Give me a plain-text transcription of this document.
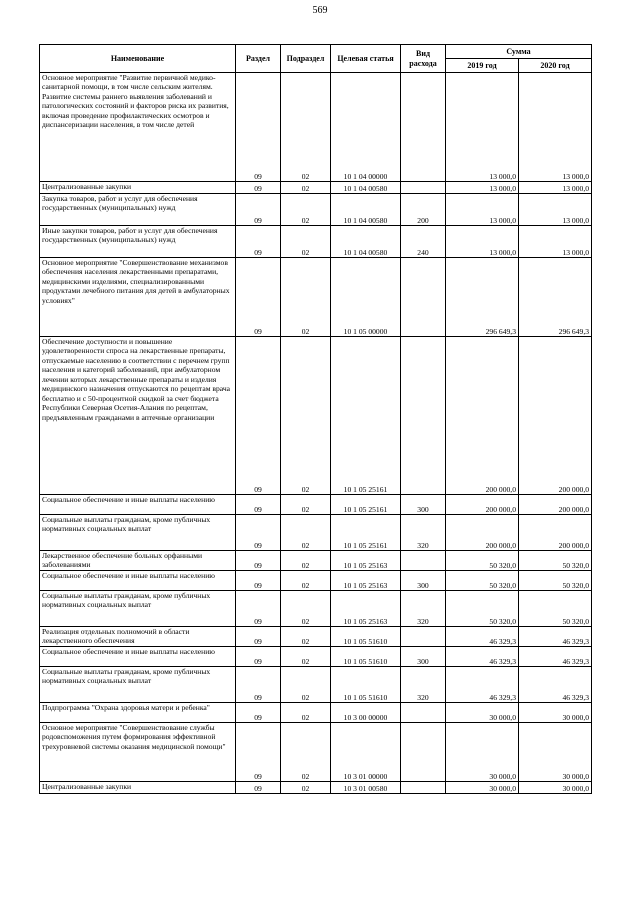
569
Наименование	Раздел	Подраздел	Целевая статья	Вид расхода	Сумма	
					2019 год	2020 год
Основное мероприятие "Развитие первичной медико-санитарной помощи, в том числе сельским жителям. Развитие системы раннего выявления заболеваний и патологических состояний и факторов риска их развития, включая проведение профилактических осмотров и диспансеризации населения, в том числе детей	09	02	10 1 04 00000		13 000,0	13 000,0
Централизованные закупки	09	02	10 1 04 00580		13 000,0	13 000,0
Закупка товаров, работ и услуг для обеспечения государственных (муниципальных) нужд	09	02	10 1 04 00580	200	13 000,0	13 000,0
Иные закупки товаров, работ и услуг для обеспечения государственных (муниципальных) нужд	09	02	10 1 04 00580	240	13 000,0	13 000,0
Основное мероприятие "Совершенствование механизмов обеспечения населения лекарственными препаратами, медицинскими изделиями, специализированными продуктами лечебного питания для детей в амбулаторных условиях"	09	02	10 1 05 00000		296 649,3	296 649,3
Обеспечение доступности и повышение удовлетворенности спроса на лекарственные препараты, отпускаемые населению в соответствии с перечнем групп населения и категорий заболеваний, при амбулаторном лечении которых лекарственные препараты и изделия медицинского назначения отпускаются по рецептам врача бесплатно и с 50-процентной скидкой за счет бюджета Республики Северная Осетия-Алания по рецептам, предъявленным гражданами в аптечные организации	09	02	10 1 05 25161		200 000,0	200 000,0
Социальное обеспечение и иные выплаты населению	09	02	10 1 05 25161	300	200 000,0	200 000,0
Социальные выплаты гражданам, кроме публичных нормативных социальных выплат	09	02	10 1 05 25161	320	200 000,0	200 000,0
Лекарственное обеспечение больных орфанными заболеваниями	09	02	10 1 05 25163		50 320,0	50 320,0
Социальное обеспечение и иные выплаты населению	09	02	10 1 05 25163	300	50 320,0	50 320,0
Социальные выплаты гражданам, кроме публичных нормативных социальных выплат	09	02	10 1 05 25163	320	50 320,0	50 320,0
Реализация отдельных полномочий в области лекарственного обеспечения	09	02	10 1 05 51610		46 329,3	46 329,3
Социальное обеспечение и иные выплаты населению	09	02	10 1 05 51610	300	46 329,3	46 329,3
Социальные выплаты гражданам, кроме публичных нормативных социальных выплат	09	02	10 1 05 51610	320	46 329,3	46 329,3
Подпрограмма "Охрана здоровья матери и ребенка"	09	02	10 3 00 00000		30 000,0	30 000,0
Основное мероприятие "Совершенствование службы родовспоможения путем формирования эффективной трехуровневой системы оказания медицинской помощи"	09	02	10 3 01 00000		30 000,0	30 000,0
Централизованные закупки	09	02	10 3 01 00580		30 000,0	30 000,0
